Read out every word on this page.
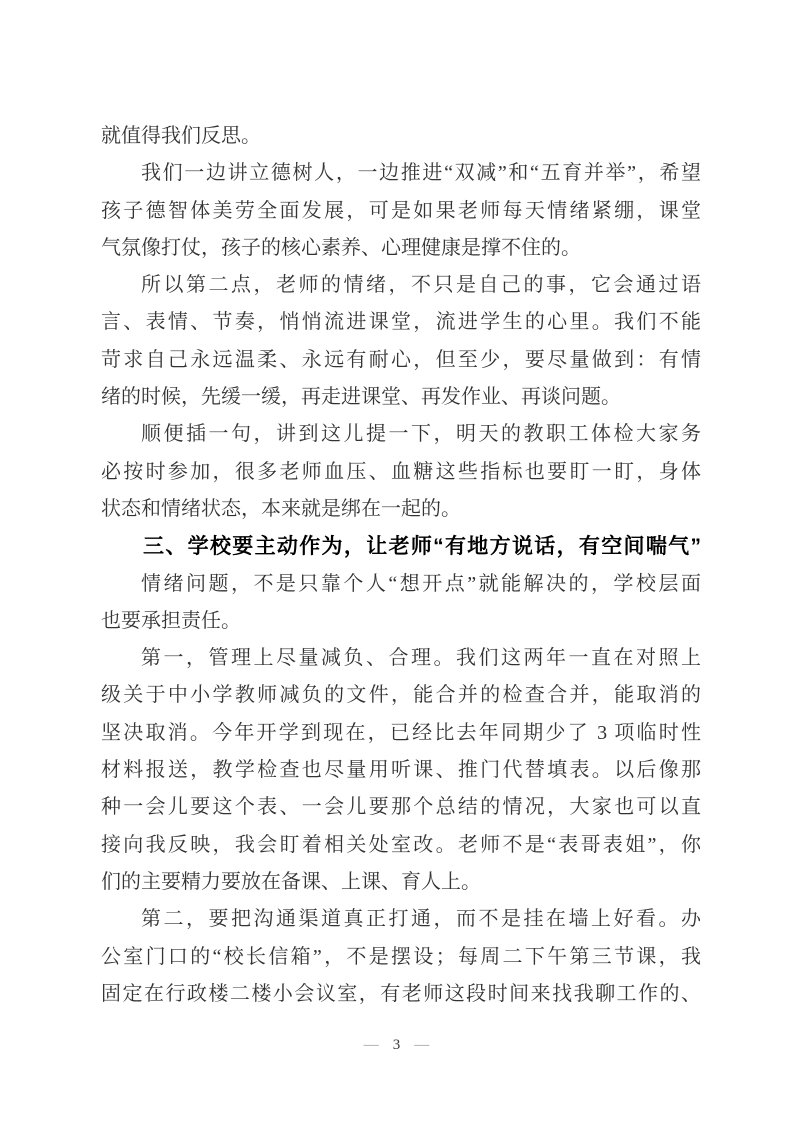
就值得我们反思。
我们一边讲立德树人，一边推进“双减”和“五育并举”，希望
孩子德智体美劳全面发展，可是如果老师每天情绪紧绷，课堂
气氛像打仗，孩子的核心素养、心理健康是撑不住的。
所以第二点，老师的情绪，不只是自己的事，它会通过语
言、表情、节奏，悄悄流进课堂，流进学生的心里。我们不能
苛求自己永远温柔、永远有耐心，但至少，要尽量做到：有情
绪的时候，先缓一缓，再走进课堂、再发作业、再谈问题。
顺便插一句，讲到这儿提一下，明天的教职工体检大家务
必按时参加，很多老师血压、血糖这些指标也要盯一盯，身体
状态和情绪状态，本来就是绑在一起的。
三、学校要主动作为，让老师“有地方说话，有空间喘气”
情绪问题，不是只靠个人“想开点”就能解决的，学校层面
也要承担责任。
第一，管理上尽量减负、合理。我们这两年一直在对照上
级关于中小学教师减负的文件，能合并的检查合并，能取消的
坚决取消。今年开学到现在，已经比去年同期少了 3 项临时性
材料报送，教学检查也尽量用听课、推门代替填表。以后像那
种一会儿要这个表、一会儿要那个总结的情况，大家也可以直
接向我反映，我会盯着相关处室改。老师不是“表哥表姐”，你
们的主要精力要放在备课、上课、育人上。
第二，要把沟通渠道真正打通，而不是挂在墙上好看。办
公室门口的“校长信箱”，不是摆设；每周二下午第三节课，我
固定在行政楼二楼小会议室，有老师这段时间来找我聊工作的、
— 3 —
